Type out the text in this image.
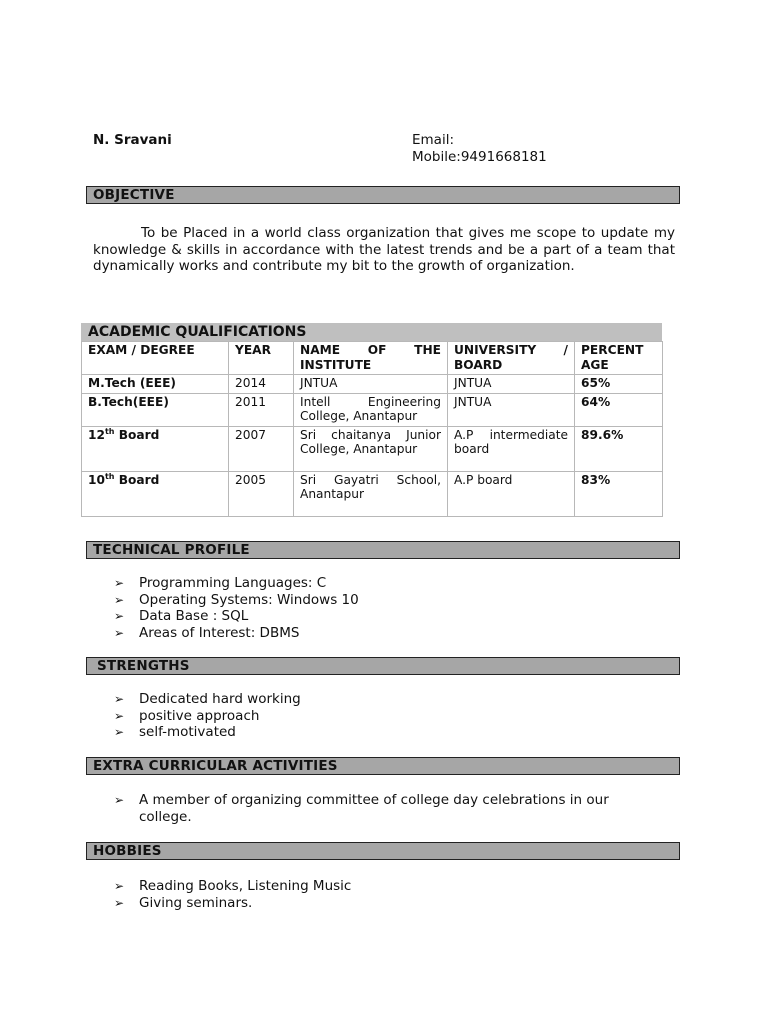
N. Sravani	Email:
Mobile:9491668181
OBJECTIVE
To be Placed in a world class organization that gives me scope to update my knowledge & skills in accordance with the latest trends and be a part of a team that dynamically works and contribute my bit to the growth of organization.
ACADEMIC QUALIFICATIONS
EXAM / DEGREE	YEAR	NAME OF THE INSTITUTE	UNIVERSITY / BOARD	PERCENT AGE
M.Tech (EEE)	2014	JNTUA	JNTUA	65%
B.Tech(EEE)	2011	Intell Engineering College, Anantapur	JNTUA	64%
12th Board	2007	Sri chaitanya Junior College, Anantapur	A.P intermediate board	89.6%
10th Board	2005	Sri Gayatri School, Anantapur	A.P board	83%
TECHNICAL PROFILE
➢ Programming Languages: C
➢ Operating Systems: Windows 10
➢ Data Base : SQL
➢ Areas of Interest: DBMS
STRENGTHS
➢ Dedicated hard working
➢ positive approach
➢ self-motivated
EXTRA CURRICULAR ACTIVITIES
➢ A member of organizing committee of college day celebrations in our college.
HOBBIES
➢ Reading Books, Listening Music
➢ Giving seminars.
